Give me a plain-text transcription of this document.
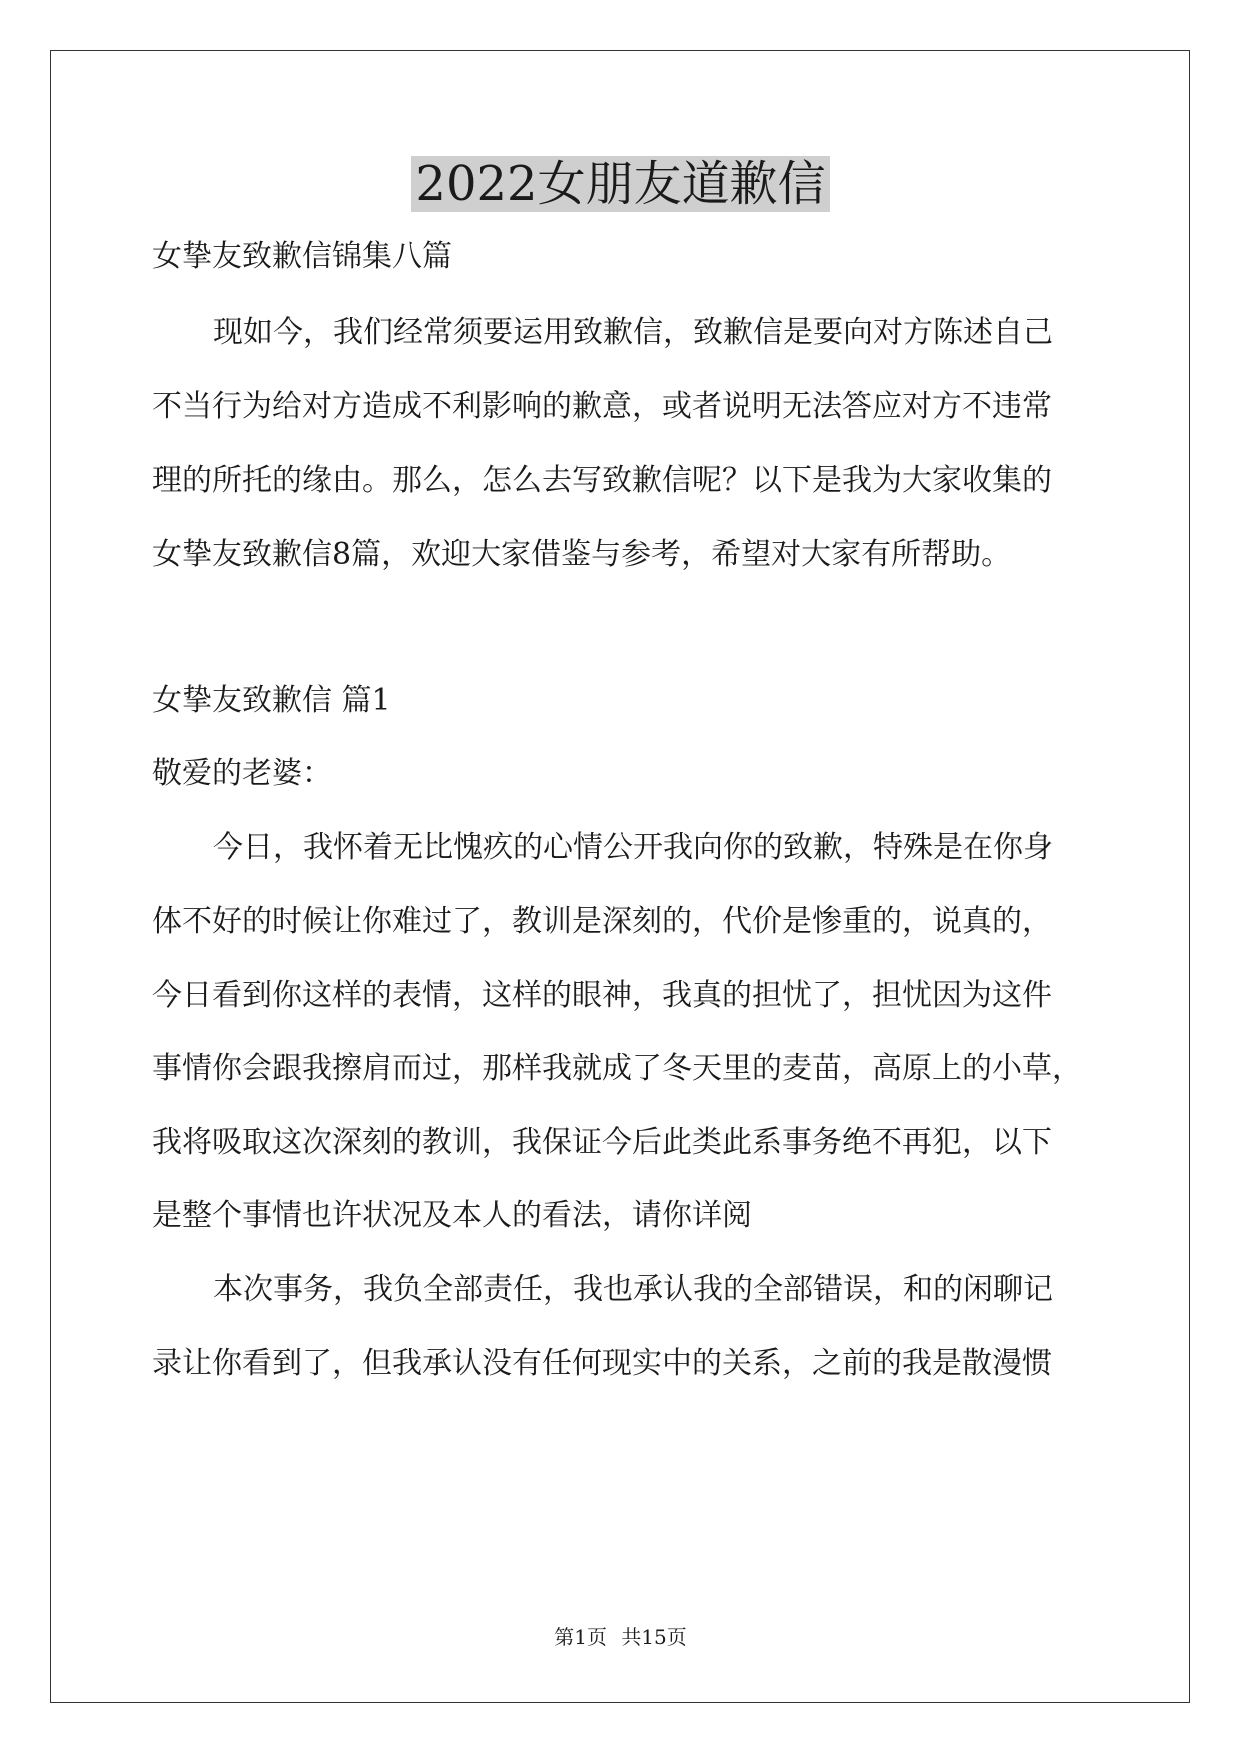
2022女朋友道歉信

女挚友致歉信锦集八篇

现如今，我们经常须要运用致歉信，致歉信是要向对方陈述自己

不当行为给对方造成不利影响的歉意，或者说明无法答应对方不违常

理的所托的缘由。那么，怎么去写致歉信呢？以下是我为大家收集的

女挚友致歉信8篇，欢迎大家借鉴与参考，希望对大家有所帮助。

女挚友致歉信 篇1

敬爱的老婆：

今日，我怀着无比愧疚的心情公开我向你的致歉，特殊是在你身

体不好的时候让你难过了，教训是深刻的，代价是惨重的，说真的，

今日看到你这样的表情，这样的眼神，我真的担忧了，担忧因为这件

事情你会跟我擦肩而过，那样我就成了冬天里的麦苗，高原上的小草，

我将吸取这次深刻的教训，我保证今后此类此系事务绝不再犯，以下

是整个事情也许状况及本人的看法，请你详阅

本次事务，我负全部责任，我也承认我的全部错误，和的闲聊记

录让你看到了，但我承认没有任何现实中的关系，之前的我是散漫惯

第1页 共15页
